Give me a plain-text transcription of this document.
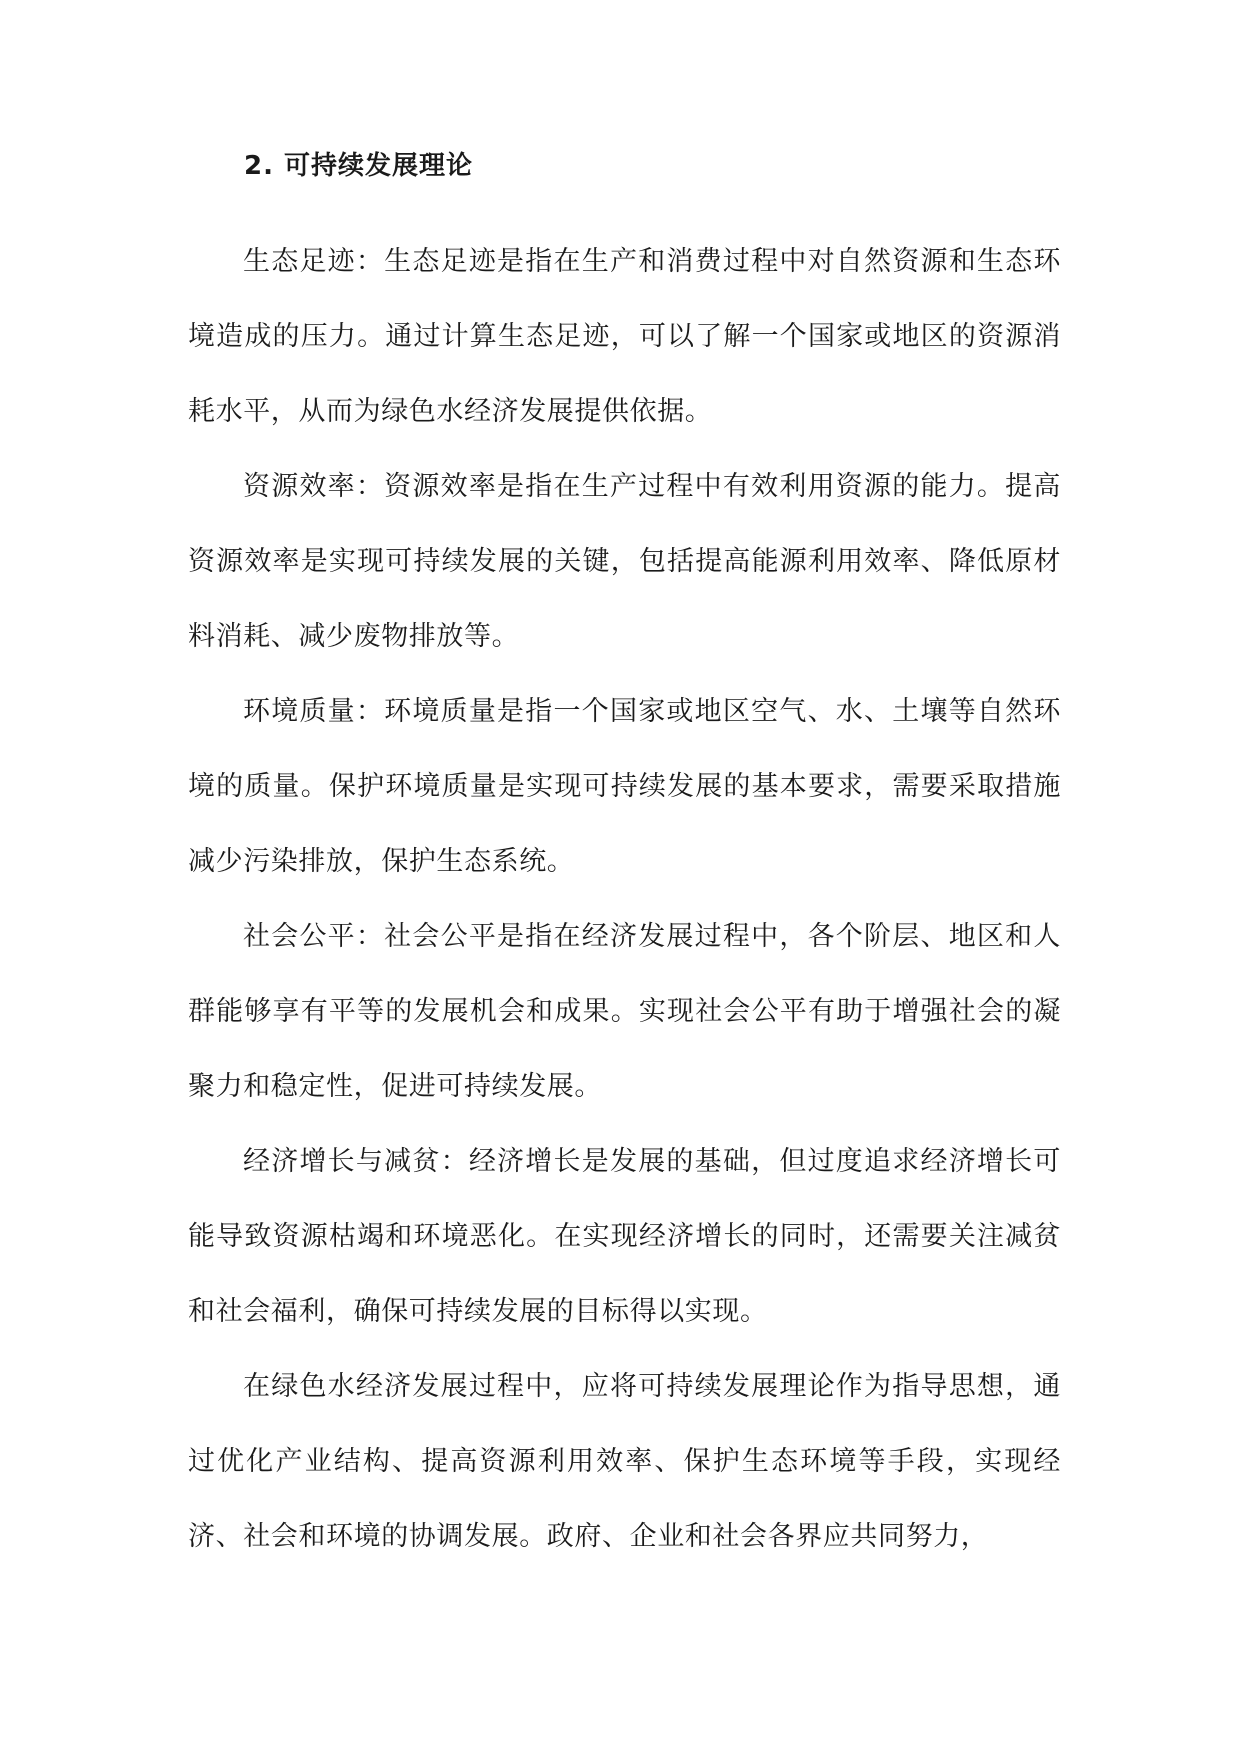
2. 可持续发展理论

生态足迹：生态足迹是指在生产和消费过程中对自然资源和生态环境造成的压力。通过计算生态足迹，可以了解一个国家或地区的资源消耗水平，从而为绿色水经济发展提供依据。

资源效率：资源效率是指在生产过程中有效利用资源的能力。提高资源效率是实现可持续发展的关键，包括提高能源利用效率、降低原材料消耗、减少废物排放等。

环境质量：环境质量是指一个国家或地区空气、水、土壤等自然环境的质量。保护环境质量是实现可持续发展的基本要求，需要采取措施减少污染排放，保护生态系统。

社会公平：社会公平是指在经济发展过程中，各个阶层、地区和人群能够享有平等的发展机会和成果。实现社会公平有助于增强社会的凝聚力和稳定性，促进可持续发展。

经济增长与减贫：经济增长是发展的基础，但过度追求经济增长可能导致资源枯竭和环境恶化。在实现经济增长的同时，还需要关注减贫和社会福利，确保可持续发展的目标得以实现。

在绿色水经济发展过程中，应将可持续发展理论作为指导思想，通过优化产业结构、提高资源利用效率、保护生态环境等手段，实现经济、社会和环境的协调发展。政府、企业和社会各界应共同努力，
